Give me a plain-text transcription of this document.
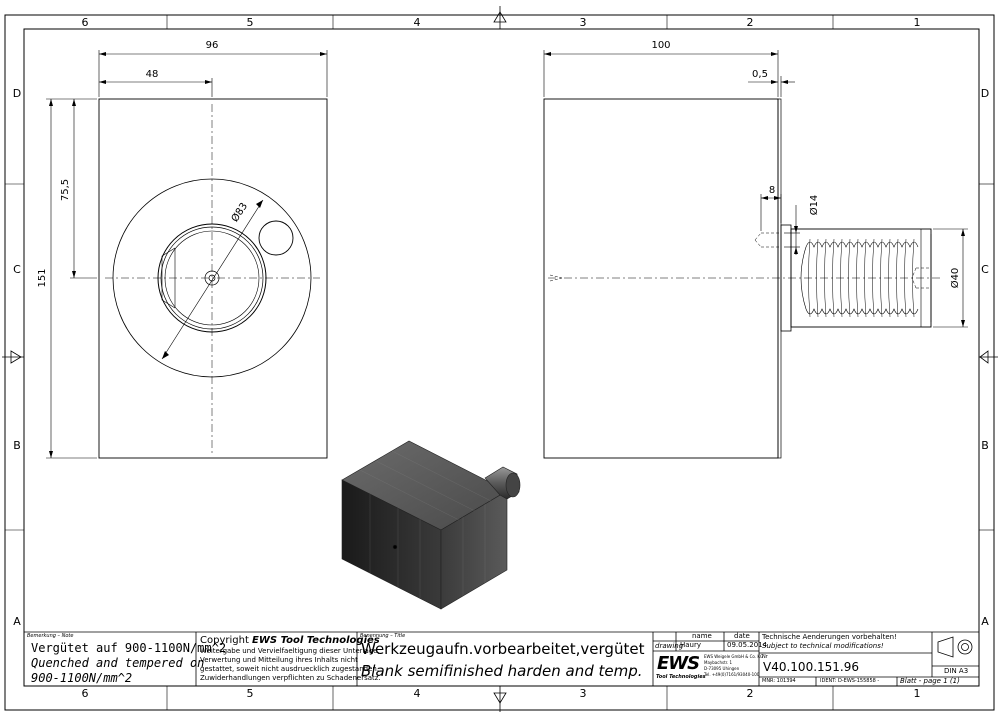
6	5	4	3	2	1
6	5	4	3	2	1
D
C
B
A
D
C
B
A
96
48
151
75,5
Ø83
100
0,5
8
Ø14
Ø40
Bemerkung – Note
Vergütet auf 900-1100N/mm^2
Quenched and tempered on
900-1100N/mm^2
Copyright EWS Tool Technologies
Weitergabe und Vervielfaeltigung dieser Unterlage,
Verwertung und Mitteilung ihres Inhalts nicht
gestattet, soweit nicht ausdruecklich zugestanden.
Zuwiderhandlungen verpflichten zu Schadenersatz.
Benennung – Title
Werkzeugaufn.vorbearbeitet,vergütet
Blank semifinished harden and temp.
name	date
drawing
Haury	09.05.2014
EWS
Tool Technologies
EWS Weigele GmbH & Co. KG
Maybachstr. 1
D-73095 Uhingen
Tel. +49(0)7161/93040-100
Technische Aenderungen vorbehalten!
Subject to technical modifications!
Nr
V40.100.151.96
MNR: 101394	IDENT: D-EWS-155858 -	Blatt - page 1 (1)
DIN A3
